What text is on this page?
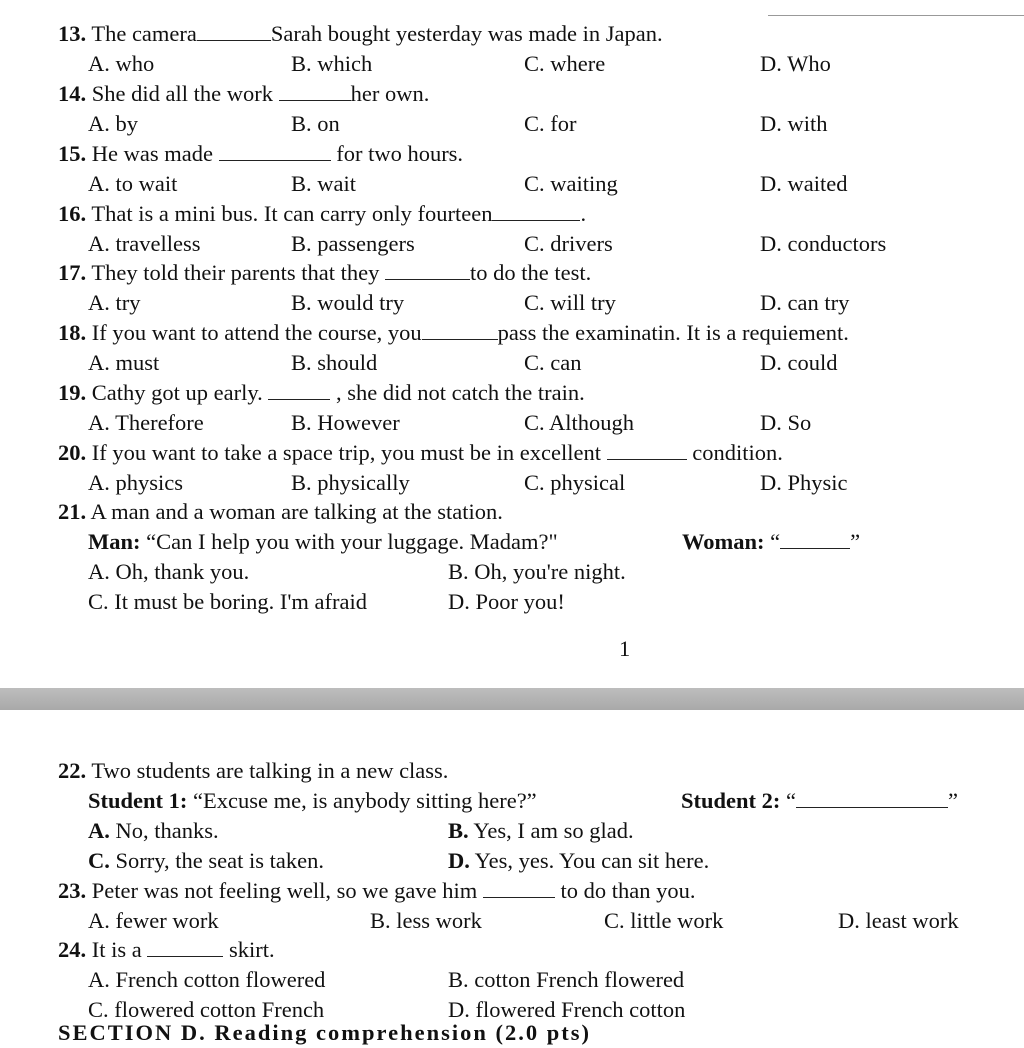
13. The camera	Sarah bought yesterday was made in Japan.
A. who	B. which	C. where	D. Who
14. She did all the work	her own.
A. by	B. on	C. for	D. with
15. He was made	for two hours.
A. to wait	B. wait	C. waiting	D. waited
16. That is a mini bus. It can carry only fourteen	.
A. travelless	B. passengers	C. drivers	D. conductors
17. They told their parents that they	to do the test.
A. try	B. would try	C. will try	D. can try
18. If you want to attend the course, you	pass the examinatin. It is a requiement.
A. must	B. should	C. can	D. could
19. Cathy got up early.	, she did not catch the train.
A. Therefore	B. However	C. Although	D. So
20. If you want to take a space trip, you must be in excellent	condition.
A. physics	B. physically	C. physical	D. Physic
21. A man and a woman are talking at the station.
Man: “Can I help you with your luggage. Madam?"	Woman: “	”
A. Oh, thank you.	B. Oh, you're night.
C. It must be boring. I'm afraid	D. Poor you!
1
22. Two students are talking in a new class.
Student 1: “Excuse me, is anybody sitting here?”	Student 2: “	”
A. No, thanks.	B. Yes, I am so glad.
C. Sorry, the seat is taken.	D. Yes, yes. You can sit here.
23. Peter was not feeling well, so we gave him	to do than you.
A. fewer work	B. less work	C. little work	D. least work
24. It is a	skirt.
A. French cotton flowered	B. cotton French flowered
C. flowered cotton French	D. flowered French cotton
SECTION D. Reading comprehension (2.0 pts)
